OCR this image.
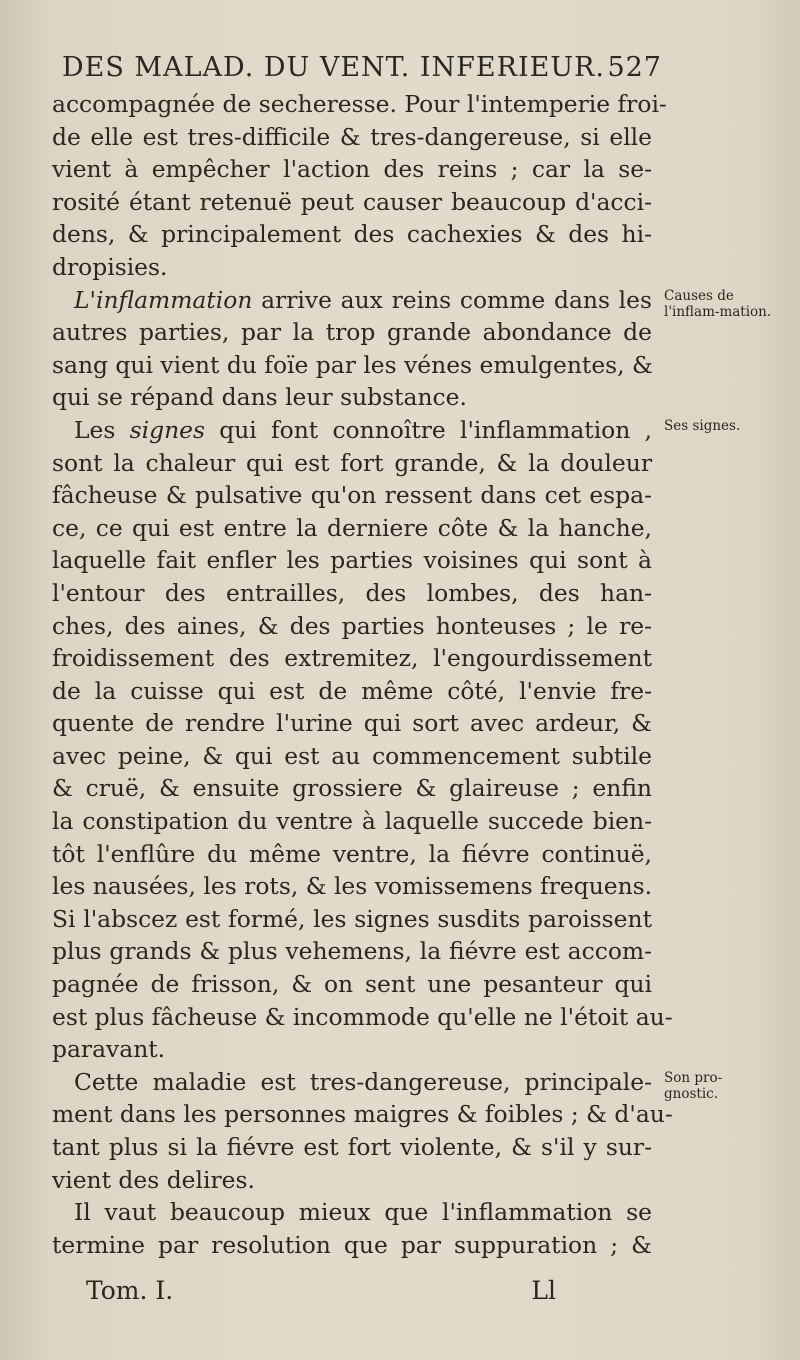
DES MALAD. DU VENT. INFERIEUR. 527
accompagnée de secheresse. Pour l'intemperie froi-
de elle est tres-difficile & tres-dangereuse, si elle
vient à empêcher l'action des reins ; car la se-
rosité étant retenuë peut causer beaucoup d'acci-
dens, & principalement des cachexies & des hi-
dropisies.
L'inflammation arrive aux reins comme dans les
autres parties, par la trop grande abondance de
sang qui vient du foïe par les vénes emulgentes, &
qui se répand dans leur substance.
Les signes qui font connoître l'inflammation ,
sont la chaleur qui est fort grande, & la douleur
fâcheuse & pulsative qu'on ressent dans cet espa-
ce, ce qui est entre la derniere côte & la hanche,
laquelle fait enfler les parties voisines qui sont à
l'entour des entrailles, des lombes, des han-
ches, des aines, & des parties honteuses ; le re-
froidissement des extremitez, l'engourdissement
de la cuisse qui est de même côté, l'envie fre-
quente de rendre l'urine qui sort avec ardeur, &
avec peine, & qui est au commencement subtile
& cruë, & ensuite grossiere & glaireuse ; enfin
la constipation du ventre à laquelle succede bien-
tôt l'enflûre du même ventre, la fiévre continuë,
les nausées, les rots, & les vomissemens frequens.
Si l'abscez est formé, les signes susdits paroissent
plus grands & plus vehemens, la fiévre est accom-
pagnée de frisson, & on sent une pesanteur qui
est plus fâcheuse & incommode qu'elle ne l'étoit au-
paravant.
Cette maladie est tres-dangereuse, principale-
ment dans les personnes maigres & foibles ; & d'au-
tant plus si la fiévre est fort violente, & s'il y sur-
vient des delires.
Il vaut beaucoup mieux que l'inflammation se
termine par resolution que par suppuration ; &
Causes de l'inflam-mation.
Ses signes.
Son pro-gnostic.
Tom. I.	Ll
